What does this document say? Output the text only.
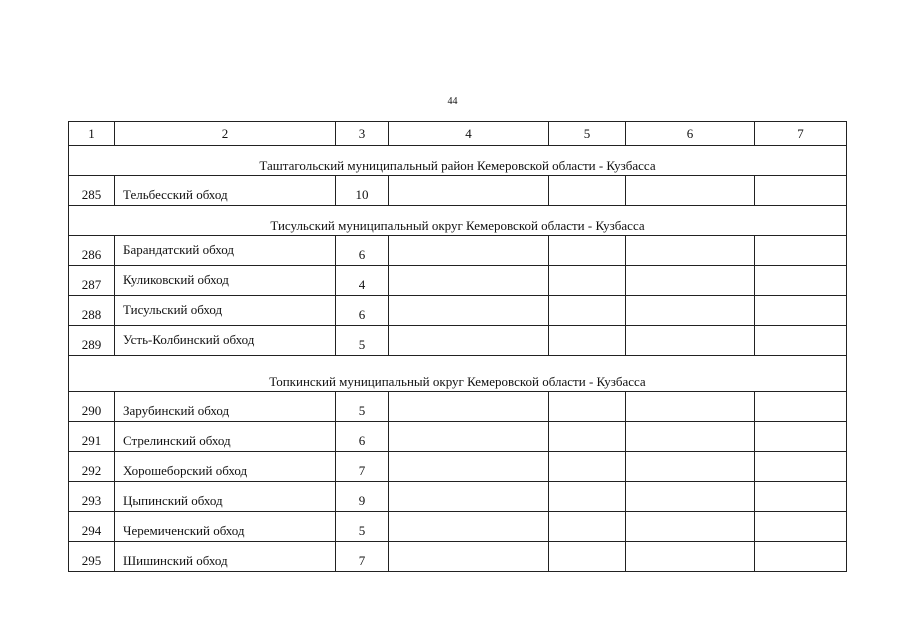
44
1	2	3	4	5	6	7
Таштагольский муниципальный район Кемеровской области - Кузбасса						
285	Тельбесский обход	10				
Тисульский муниципальный округ Кемеровской области - Кузбасса						
286	Барандатский обход	6				
287	Куликовский обход	4				
288	Тисульский обход	6				
289	Усть-Колбинский обход	5				
Топкинский муниципальный округ Кемеровской области - Кузбасса						
290	Зарубинский обход	5				
291	Стрелинский обход	6				
292	Хорошеборский обход	7				
293	Цыпинский обход	9				
294	Черемиченский обход	5				
295	Шишинский обход	7				
